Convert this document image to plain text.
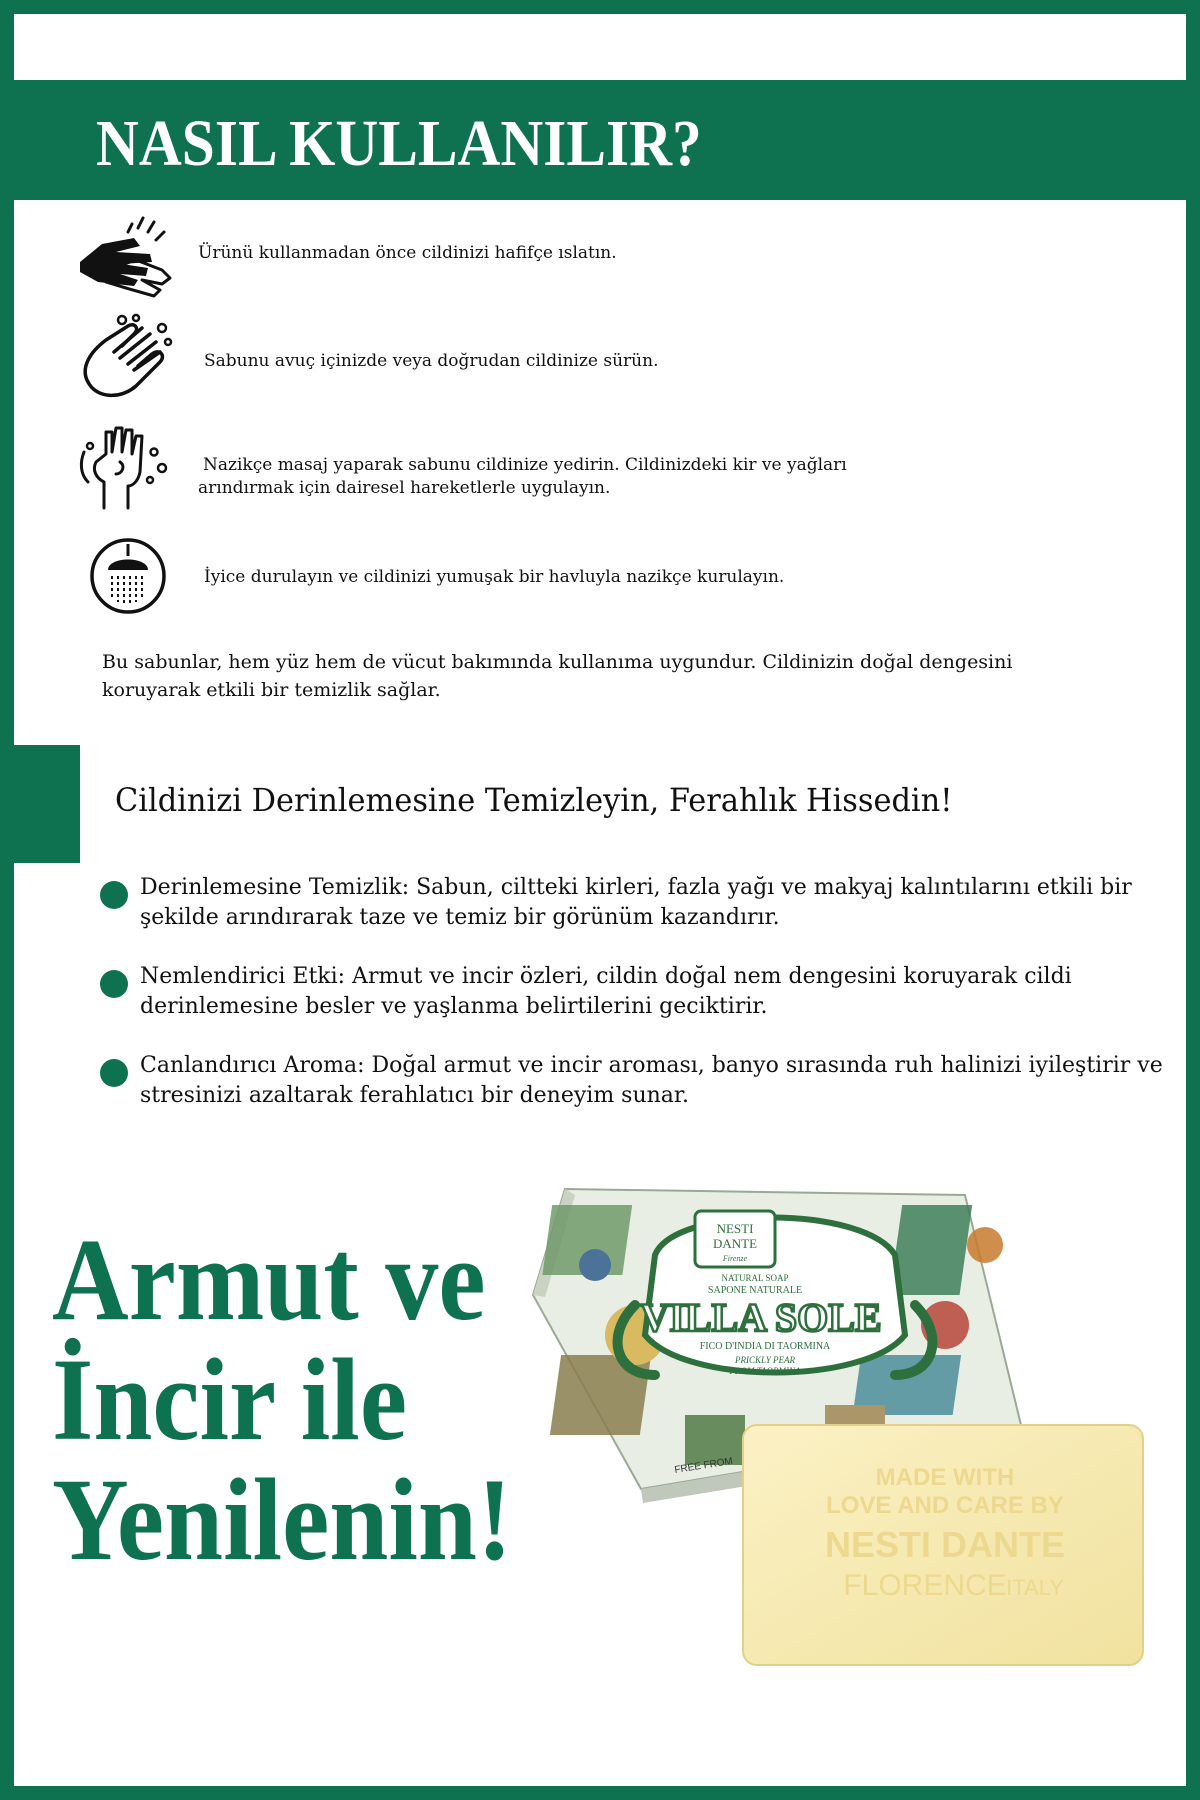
NASIL KULLANILIR?
Ürünü kullanmadan önce cildinizi hafifçe ıslatın.
Sabunu avuç içinizde veya doğrudan cildinize sürün.
Nazikçe masaj yaparak sabunu cildinize yedirin. Cildinizdeki kir ve yağları
arındırmak için dairesel hareketlerle uygulayın.
İyice durulayın ve cildinizi yumuşak bir havluyla nazikçe kurulayın.

Bu sabunlar, hem yüz hem de vücut bakımında kullanıma uygundur. Cildinizin doğal dengesini koruyarak etkili bir temizlik sağlar.

Cildinizi Derinlemesine Temizleyin, Ferahlık Hissedin!

Derinlemesine Temizlik: Sabun, ciltteki kirleri, fazla yağı ve makyaj kalıntılarını etkili bir şekilde arındırarak taze ve temiz bir görünüm kazandırır.

Nemlendirici Etki: Armut ve incir özleri, cildin doğal nem dengesini koruyarak cildi derinlemesine besler ve yaşlanma belirtilerini geciktirir.

Canlandırıcı Aroma: Doğal armut ve incir aroması, banyo sırasında ruh halinizi iyileştirir ve stresinizi azaltarak ferahlatıcı bir deneyim sunar.

Armut ve
İncir ile
Yenilenin!
NESTI
DANTE
Firenze
NATURAL SOAP
SAPONE NATURALE
VILLA SOLE
FICO D'INDIA DI TAORMINA
PRICKLY PEAR
FROM TAORMINA
FREE FROM	MADE WITH
LOVE AND CARE BY
NESTI DANTE
FLORENCE ITALY
